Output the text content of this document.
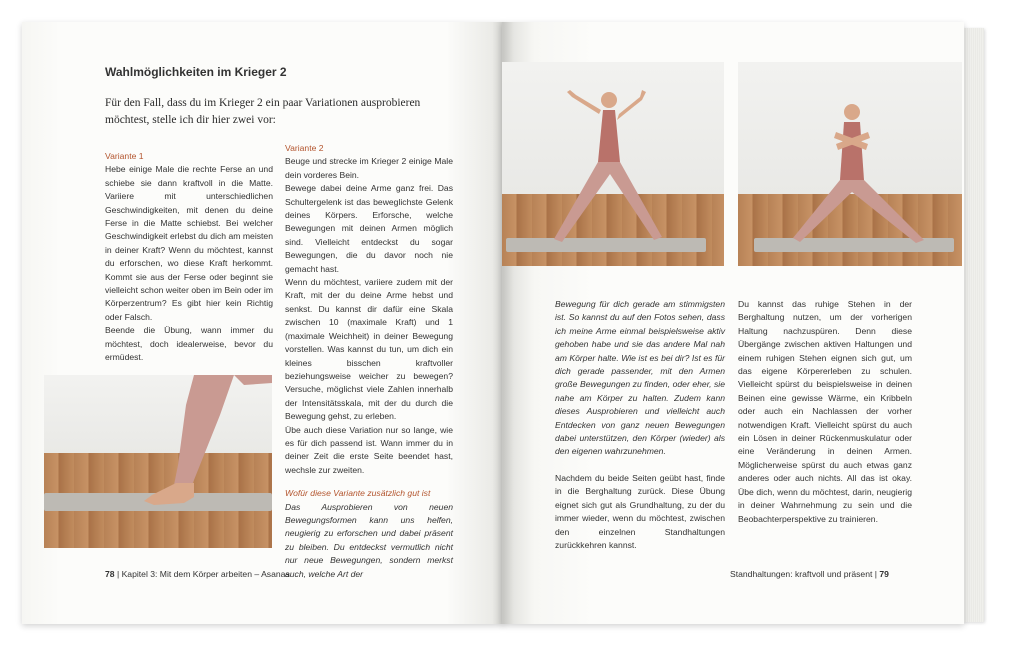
Wahlmöglichkeiten im Krieger 2
Für den Fall, dass du im Krieger 2 ein paar Variationen ausprobieren möchtest, stelle ich dir hier zwei vor:

Variante 1

Hebe einige Male die rechte Ferse an und schiebe sie dann kraftvoll in die Matte. Variiere mit unterschiedlichen Geschwindigkeiten, mit denen du deine Ferse in die Matte schiebst. Bei welcher Geschwindigkeit erlebst du dich am meisten in deiner Kraft? Wenn du möchtest, kannst du erforschen, wo diese Kraft herkommt. Kommt sie aus der Ferse oder beginnt sie vielleicht schon weiter oben im Bein oder im Körperzentrum? Es gibt hier kein Richtig oder Falsch.

Beende die Übung, wann immer du möchtest, doch idealerweise, bevor du ermüdest.

Variante 2

Beuge und strecke im Krieger 2 einige Male dein vorderes Bein.

Bewege dabei deine Arme ganz frei. Das Schultergelenk ist das beweglichste Gelenk deines Körpers. Erforsche, welche Bewegungen mit deinen Armen möglich sind. Vielleicht entdeckst du sogar Bewegungen, die du davor noch nie gemacht hast.

Wenn du möchtest, variiere zudem mit der Kraft, mit der du deine Arme hebst und senkst. Du kannst dir dafür eine Skala zwischen 10 (maximale Kraft) und 1 (maximale Weichheit) in deiner Bewegung vorstellen. Was kannst du tun, um dich ein kleines bisschen kraftvoller beziehungsweise weicher zu bewegen? Versuche, möglichst viele Zahlen innerhalb der Intensitätsskala, mit der du durch die Bewegung gehst, zu erleben.

Übe auch diese Variation nur so lange, wie es für dich passend ist. Wann immer du in deiner Zeit die erste Seite beendet hast, wechsle zur zweiten.

Wofür diese Variante zusätzlich gut ist

Das Ausprobieren von neuen Bewegungsformen kann uns helfen, neugierig zu erforschen und dabei präsent zu bleiben. Du entdeckst vermutlich nicht nur neue Bewegungen, sondern merkst auch, welche Art der

78 | Kapitel 3: Mit dem Körper arbeiten – Asanas
Bewegung für dich gerade am stimmigsten ist. So kannst du auf den Fotos sehen, dass ich meine Arme einmal beispielsweise aktiv gehoben habe und sie das andere Mal nah am Körper halte. Wie ist es bei dir? Ist es für dich gerade passender, mit den Armen große Bewegungen zu finden, oder eher, sie nahe am Körper zu halten. Zudem kann dieses Ausprobieren und vielleicht auch Entdecken von ganz neuen Bewegungen dabei unterstützen, den Körper (wieder) als den eigenen wahrzunehmen.
Nachdem du beide Seiten geübt hast, finde in die Berghaltung zurück. Diese Übung eignet sich gut als Grundhaltung, zu der du immer wieder, wenn du möchtest, zwischen den einzelnen Standhaltungen zurückkehren kannst.
Du kannst das ruhige Stehen in der Berghaltung nutzen, um der vorherigen Haltung nachzuspüren. Denn diese Übergänge zwischen aktiven Haltungen und einem ruhigen Stehen eignen sich gut, um das eigene Körpererleben zu schulen. Vielleicht spürst du beispielsweise in deinen Beinen eine gewisse Wärme, ein Kribbeln oder auch ein Nachlassen der vorher notwendigen Kraft. Vielleicht spürst du auch ein Lösen in deiner Rückenmuskulatur oder eine Veränderung in deinen Armen. Möglicherweise spürst du auch etwas ganz anderes oder auch nichts. All das ist okay. Übe dich, wenn du möchtest, darin, neugierig in deiner Wahrnehmung zu sein und die Beobachterperspektive zu trainieren.
Standhaltungen: kraftvoll und präsent | 79
